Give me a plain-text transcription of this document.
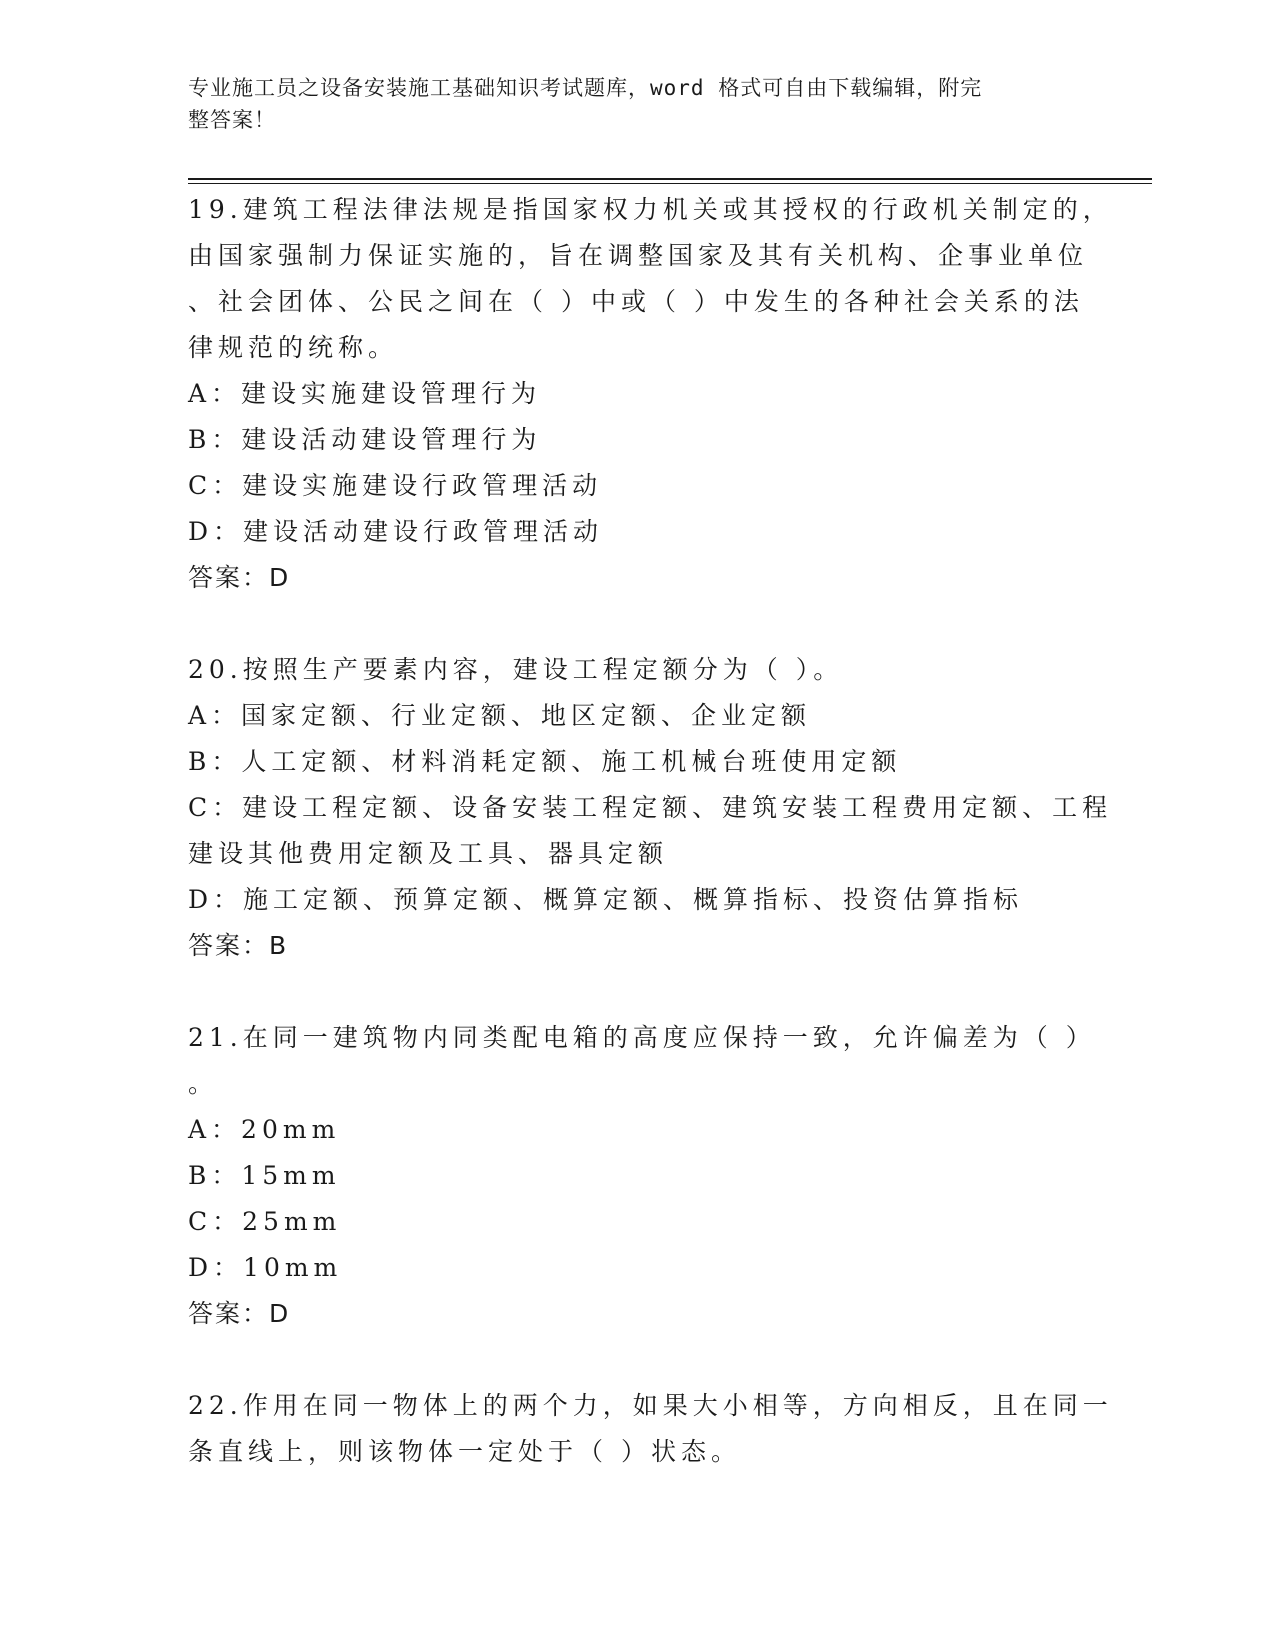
专业施工员之设备安装施工基础知识考试题库，word 格式可自由下载编辑，附完
整答案！
19.建筑工程法律法规是指国家权力机关或其授权的行政机关制定的，
由国家强制力保证实施的，旨在调整国家及其有关机构、企事业单位
、社会团体、公民之间在（ ）中或（ ）中发生的各种社会关系的法
律规范的统称。
A：建设实施建设管理行为
B：建设活动建设管理行为
C：建设实施建设行政管理活动
D：建设活动建设行政管理活动
答案：D
20.按照生产要素内容，建设工程定额分为（ ）。
A：国家定额、行业定额、地区定额、企业定额
B：人工定额、材料消耗定额、施工机械台班使用定额
C：建设工程定额、设备安装工程定额、建筑安装工程费用定额、工程
建设其他费用定额及工具、器具定额
D：施工定额、预算定额、概算定额、概算指标、投资估算指标
答案：B
21.在同一建筑物内同类配电箱的高度应保持一致，允许偏差为（ ）
。
A：20mm
B：15mm
C：25mm
D：10mm
答案：D
22.作用在同一物体上的两个力，如果大小相等，方向相反，且在同一
条直线上，则该物体一定处于（ ）状态。
